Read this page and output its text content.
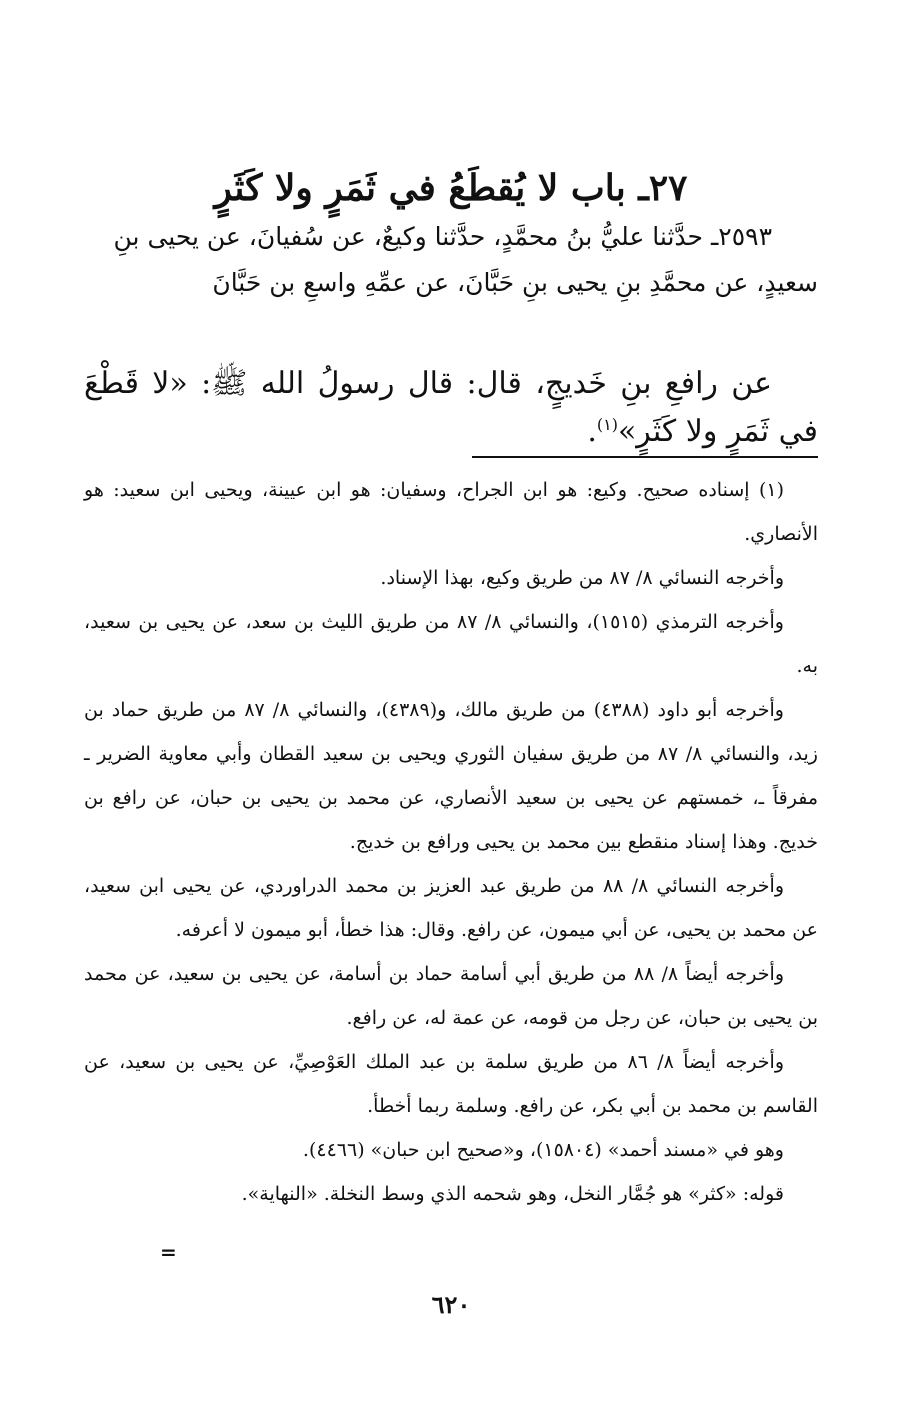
٢٧ـ باب لا يُقطَعُ في ثَمَرٍ ولا كَثَرٍ

٢٥٩٣ـ حدَّثنا عليُّ بنُ محمَّدٍ، حدَّثنا وكيعٌ، عن سُفيانَ، عن يحيى بنِ

سعيدٍ، عن محمَّدِ بنِ يحيى بنِ حَبَّانَ، عن عمِّهِ واسعِ بن حَبَّانَ

عن رافعِ بنِ خَديجٍ، قال: قال رسولُ الله ﷺ: «لا قَطْعَ في ثَمَرٍ ولا كَثَرٍ»$^{(١)}$.

(١) إسناده صحيح. وكيع: هو ابن الجراح، وسفيان: هو ابن عيينة، ويحيى ابن سعيد: هو الأنصاري.

وأخرجه النسائي ٨/ ٨٧ من طريق وكيع، بهذا الإسناد.

وأخرجه الترمذي (١٥١٥)، والنسائي ٨/ ٨٧ من طريق الليث بن سعد، عن يحيى بن سعيد، به.

وأخرجه أبو داود (٤٣٨٨) من طريق مالك، و(٤٣٨٩)، والنسائي ٨/ ٨٧ من طريق حماد بن زيد، والنسائي ٨/ ٨٧ من طريق سفيان الثوري ويحيى بن سعيد القطان وأبي معاوية الضرير ـ مفرقاً ـ، خمستهم عن يحيى بن سعيد الأنصاري، عن محمد بن يحيى بن حبان، عن رافع بن خديج. وهذا إسناد منقطع بين محمد بن يحيى ورافع بن خديج.

وأخرجه النسائي ٨/ ٨٨ من طريق عبد العزيز بن محمد الدراوردي، عن يحيى ابن سعيد، عن محمد بن يحيى، عن أبي ميمون، عن رافع. وقال: هذا خطأ، أبو ميمون لا أعرفه.

وأخرجه أيضاً ٨/ ٨٨ من طريق أبي أسامة حماد بن أسامة، عن يحيى بن سعيد، عن محمد بن يحيى بن حبان، عن رجل من قومه، عن عمة له، عن رافع.

وأخرجه أيضاً ٨/ ٨٦ من طريق سلمة بن عبد الملك العَوْصِيِّ، عن يحيى بن سعيد، عن القاسم بن محمد بن أبي بكر، عن رافع. وسلمة ربما أخطأ.

وهو في «مسند أحمد» (١٥٨٠٤)، و«صحيح ابن حبان» (٤٤٦٦).

قوله: «كثر» هو جُمَّار النخل، وهو شحمه الذي وسط النخلة. «النهاية».

=
٦٢٠
